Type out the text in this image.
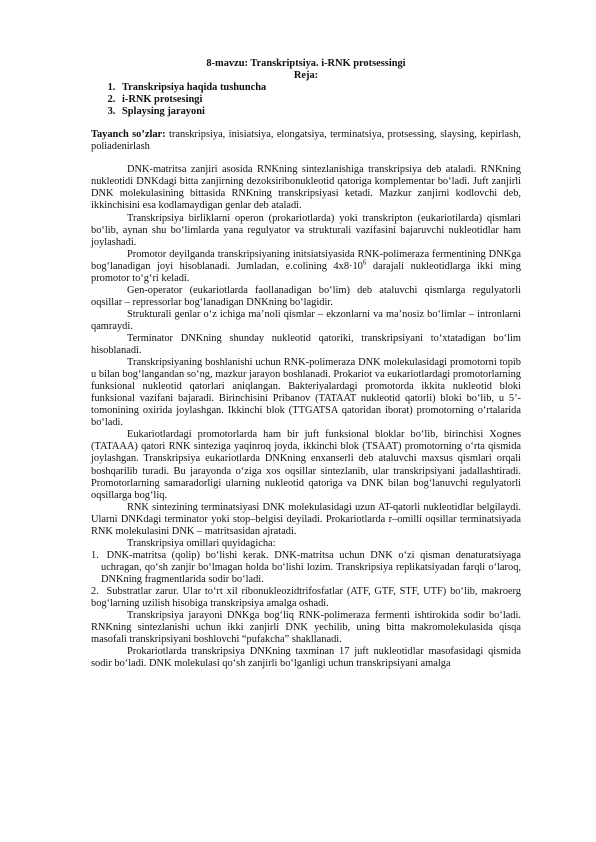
8-mavzu: Transkriptsiya. i-RNK protsessingi
Reja:
1. Transkripsiya haqida tushuncha
2. i-RNK protsesingi
3. Splaysing jarayoni
Tayanch so’zlar: transkripsiya, inisiatsiya, elongatsiya, terminatsiya, protsessing, slaysing, kepirlash, poliadenirlash

DNK-matritsa zanjiri asosida RNKning sintezlanishiga transkripsiya deb ataladi. RNKning nukleotidi DNKdagi bitta zanjirning dezoksiribonukleotid qatoriga komplementar bo‘ladi. Juft zanjirli DNK molekulasining bittasida RNKning transkripsiyasi ketadi. Mazkur zanjirni kodlovchi deb, ikkinchisini esa kodlamaydigan genlar deb ataladi.

Transkripsiya birliklarni operon (prokariotlarda) yoki transkripton (eukariotilarda) qismlari bo‘lib, aynan shu bo‘limlarda yana regulyator va strukturali vazifasini bajaruvchi nukleotidlar ham joylashadi.

Promotor deyilganda transkripsiyaning initsiatsiyasida RNK-polimeraza fermentining DNKga bog‘lanadigan joyi hisoblanadi. Jumladan, e.colining $4x8\cdot 10^6$ darajali nukleotidlarga ikki ming promotor to‘g‘ri keladi.

Gen-operator (eukariotlarda faollanadigan bo‘lim) deb ataluvchi qismlarga regulyatorli oqsillar – repressorlar bog‘lanadigan DNKning bo‘lagidir.

Strukturali genlar o‘z ichiga ma’noli qismlar – ekzonlarni va ma’nosiz bo‘limlar – intronlarni qamraydi.

Terminator DNKning shunday nukleotid qatoriki, transkripsiyani to‘xtatadigan bo‘lim hisoblanadi.

Transkripsiyaning boshlanishi uchun RNK-polimeraza DNK molekulasidagi promotorni topib u bilan bog‘langandan so‘ng, mazkur jarayon boshlanadi. Prokariot va eukariotlardagi promotorlarning funksional nukleotid qatorlari aniqlangan. Bakteriyalardagi promotorda ikkita nukleotid bloki funksional vazifani bajaradi. Birinchisini Pribanov (TATAAT nukleotid qatorli) bloki bo‘lib, u 5’-tomonining oxirida joylashgan. Ikkinchi blok (TTGATSA qatoridan iborat) promotorning o‘rtalarida bo‘ladi.

Eukariotlardagi promotorlarda ham bir juft funksional bloklar bo‘lib, birinchisi Xognes (TATAAA) qatori RNK sinteziga yaqinroq joyda, ikkinchi blok (TSAAT) promotorning o‘rta qismida joylashgan. Transkripsiya eukariotlarda DNKning enxanserli deb ataluvchi maxsus qismlari orqali boshqarilib turadi. Bu jarayonda o‘ziga xos oqsillar sintezlanib, ular transkripsiyani jadallashtiradi. Promotorlarning samaradorligi ularning nukleotid qatoriga va DNK bilan bog‘lanuvchi regulyatorli oqsillarga bog‘liq.

RNK sintezining terminatsiyasi DNK molekulasidagi uzun AT-qatorli nukleotidlar belgilaydi. Ularni DNKdagi terminator yoki stop–belgisi deyiladi. Prokariotlarda r–omilli oqsillar terminatsiyada RNK molekulasini DNK – matritsasidan ajratadi.

Transkripsiya omillari quyidagicha:

1. DNK-matritsa (qolip) bo‘lishi kerak. DNK-matritsa uchun DNK o‘zi qisman denaturatsiyaga uchragan, qo‘sh zanjir bo‘lmagan holda bo‘lishi lozim. Transkripsiya replikatsiyadan farqli o‘laroq, DNKning fragmentlarida sodir bo‘ladi.
2. Substratlar zarur. Ular to‘rt xil ribonukleozidtrifosfatlar (ATF, GTF, STF, UTF) bo‘lib, makroerg bog‘larning uzilish hisobiga transkripsiya amalga oshadi.

Transkripsiya jarayoni DNKga bog‘liq RNK-polimeraza fermenti ishtirokida sodir bo‘ladi. RNKning sintezlanishi uchun ikki zanjirli DNK yechilib, uning bitta makromolekulasida qisqa masofali transkripsiyani boshlovchi “pufakcha” shakllanadi.

Prokariotlarda transkripsiya DNKning taxminan 17 juft nukleotidlar masofasidagi qismida sodir bo‘ladi. DNK molekulasi qo‘sh zanjirli bo‘lganligi uchun transkripsiyani amalga
